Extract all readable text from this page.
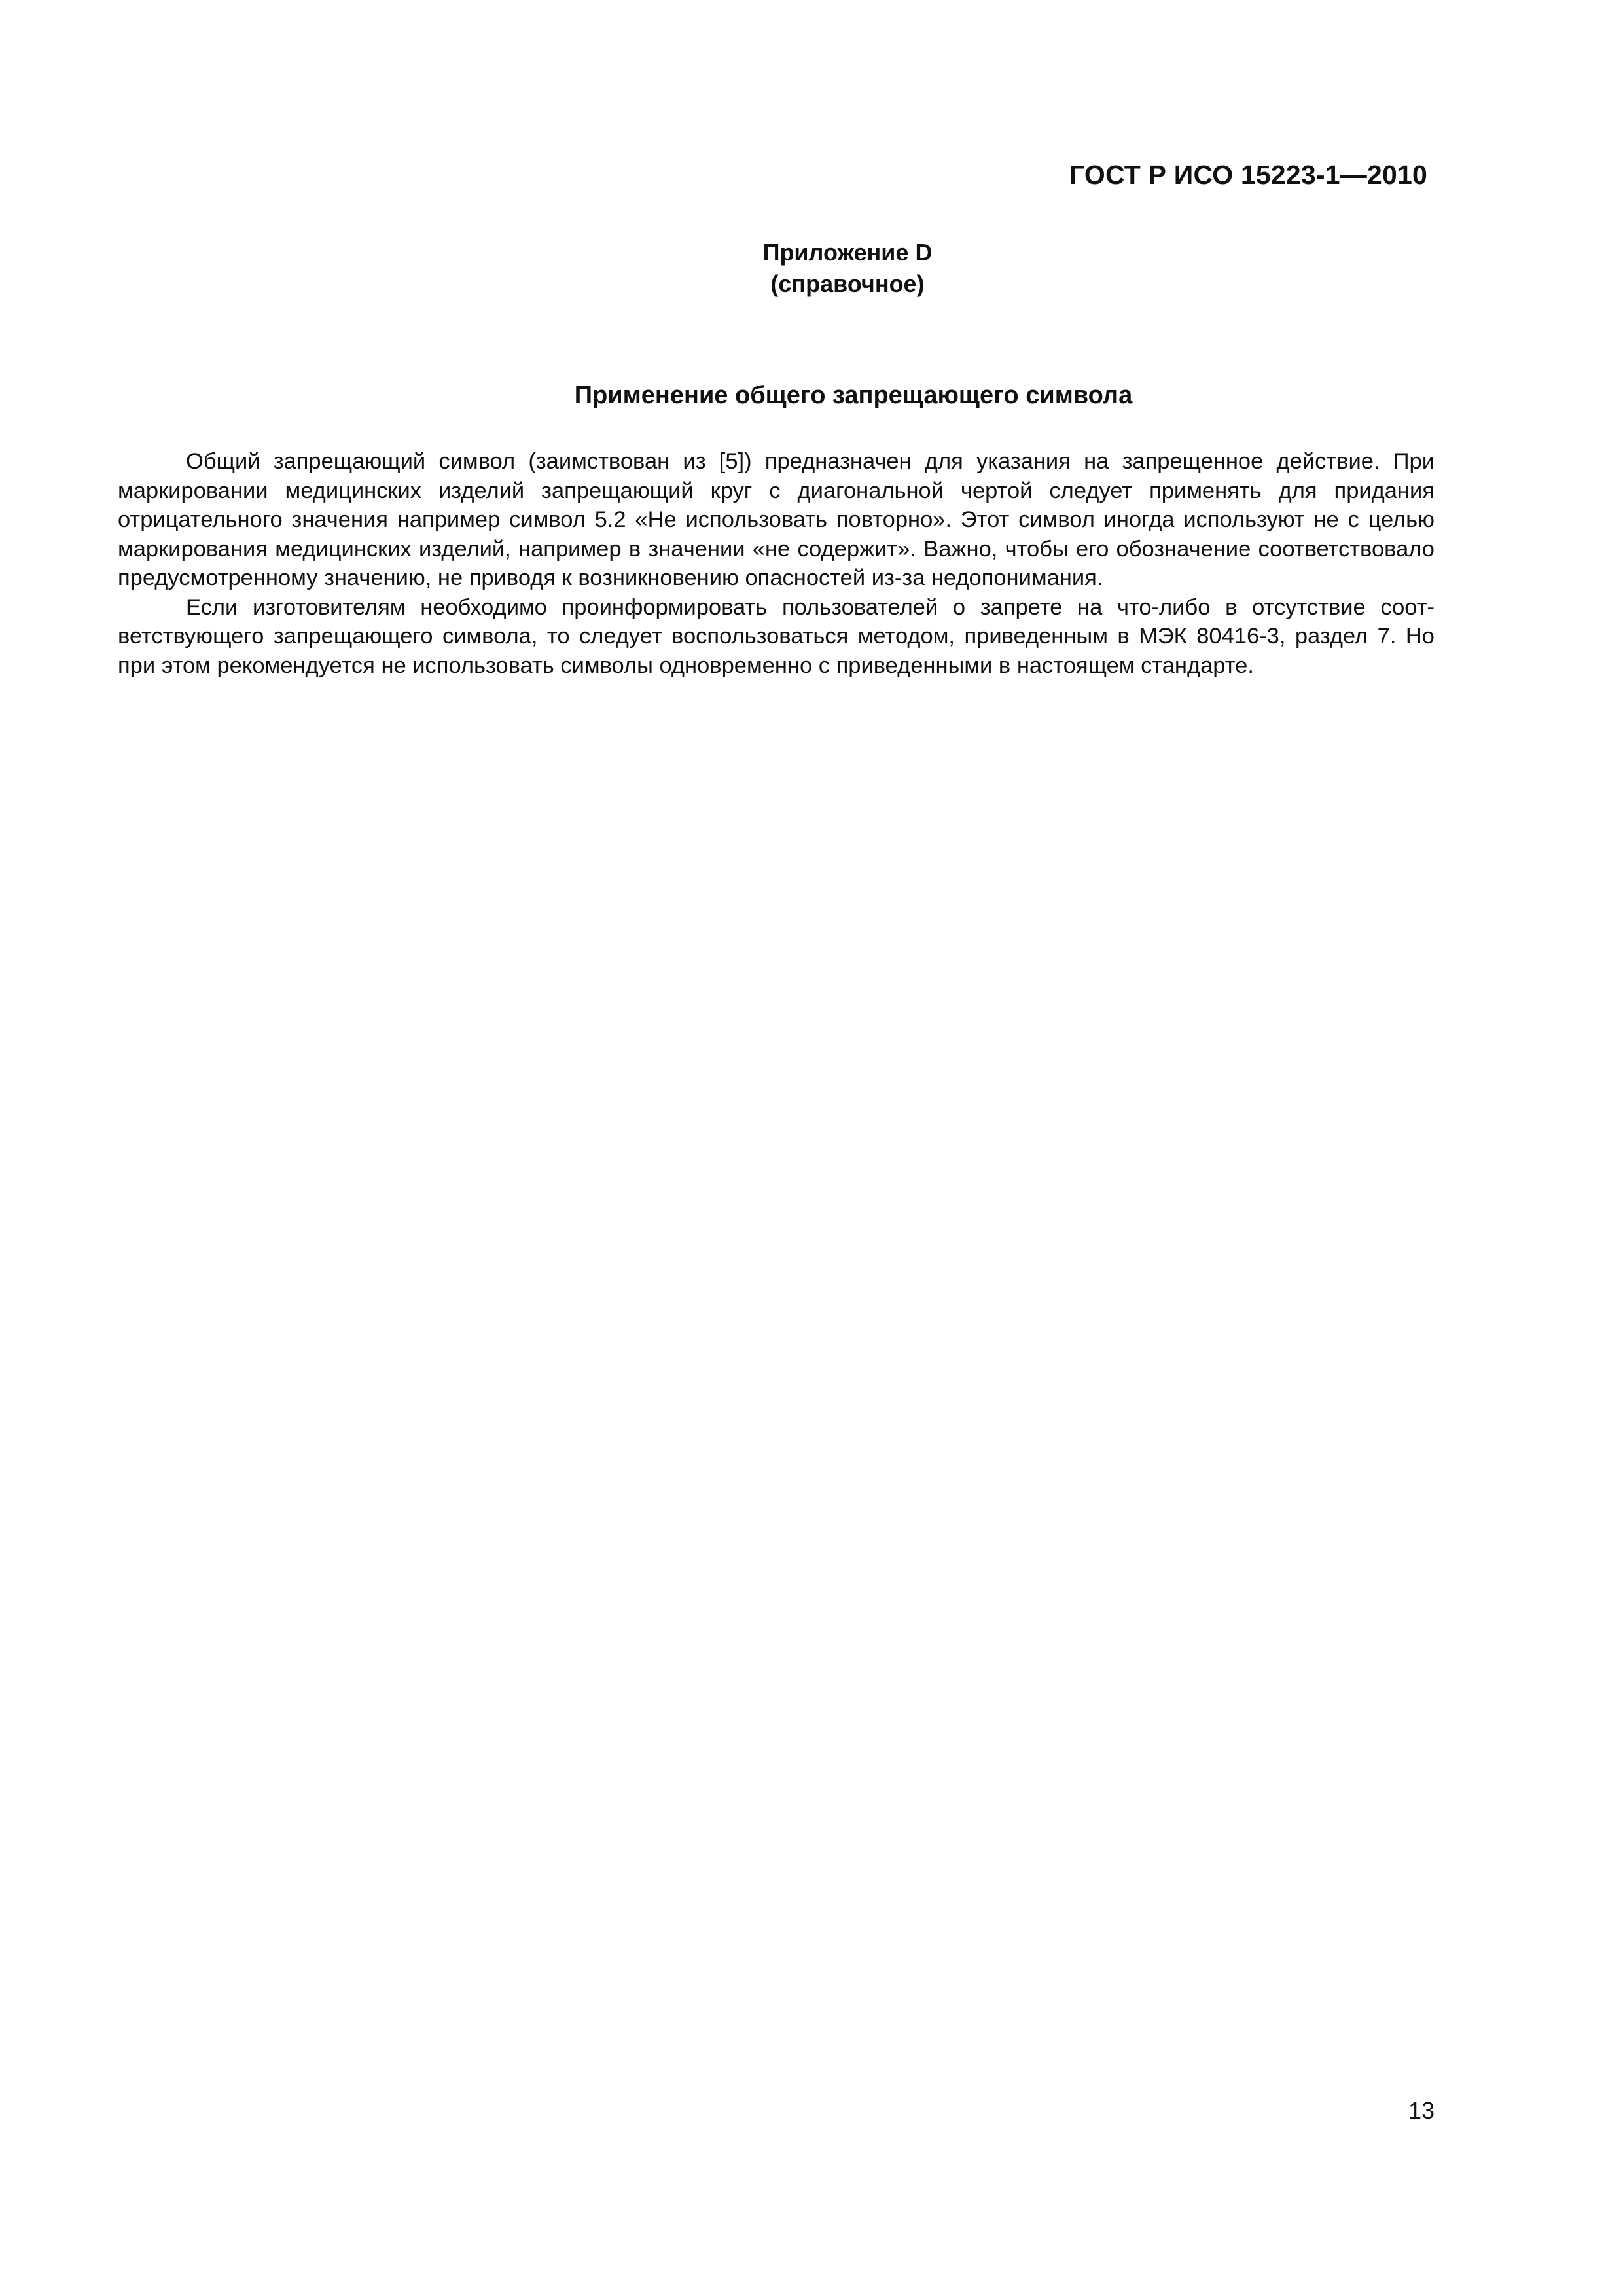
ГОСТ Р ИСО 15223-1—2010
Приложение D
(справочное)
Применение общего запрещающего символа

Общий запрещающий символ (заимствован из [5]) предназначен для указания на запрещенное действие. При маркировании медицинских изделий запрещающий круг с диагональной чертой следует применять для придания отрицательного значения например символ 5.2 «Не использовать повторно». Этот символ иногда используют не с целью маркирования медицинских изделий, например в значении «не содержит». Важно, чтобы его обозначение соответствовало предусмотренному значению, не приводя к возникновению опасностей из-за недопонимания.

Если изготовителям необходимо проинформировать пользователей о запрете на что-либо в отсутствие соответствующего запрещающего символа, то следует воспользоваться методом, приведенным в МЭК 80416-3, раздел 7. Но при этом рекомендуется не использовать символы одновременно с приведенными в настоящем стандарте.

13
